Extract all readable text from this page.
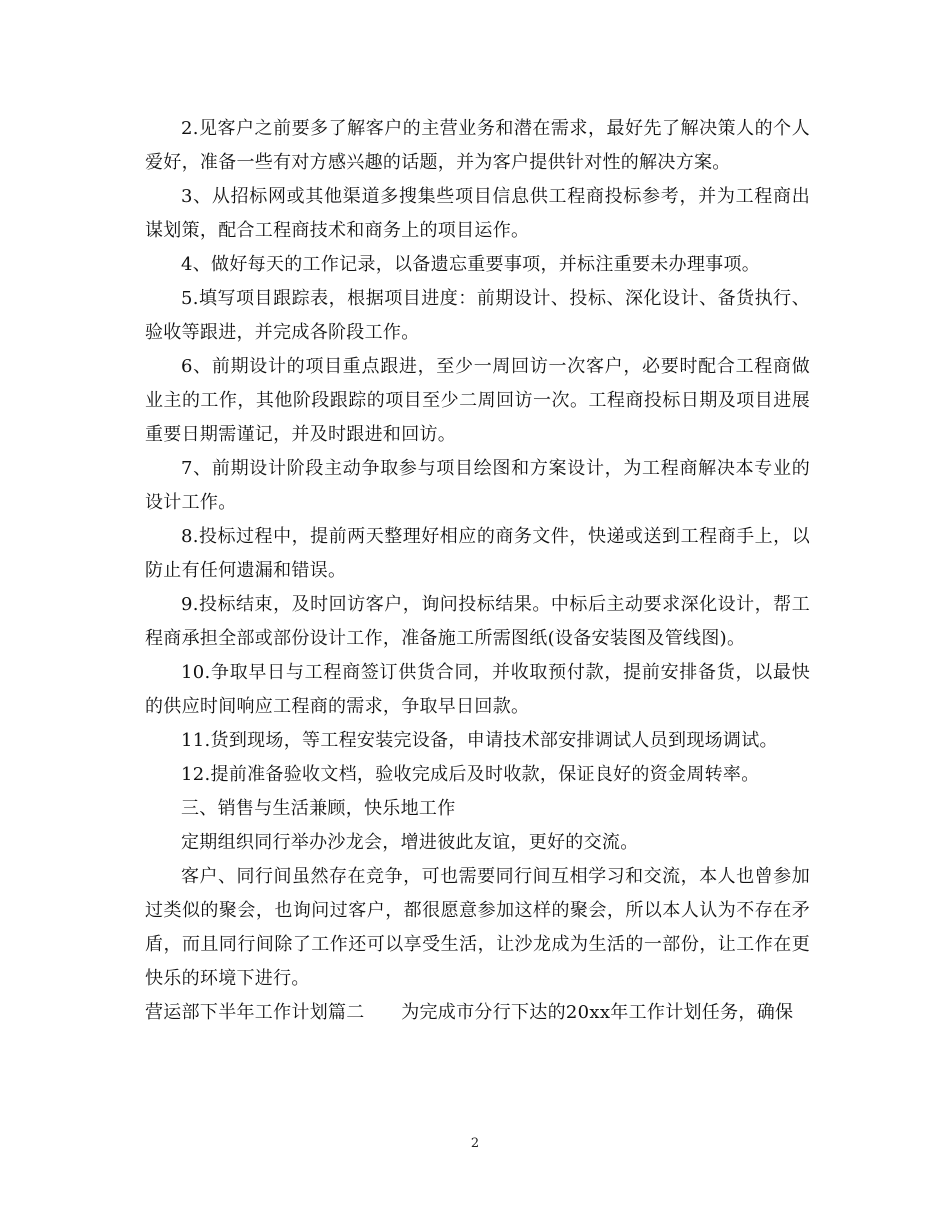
2.见客户之前要多了解客户的主营业务和潜在需求，最好先了解决策人的个人爱好，准备一些有对方感兴趣的话题，并为客户提供针对性的解决方案。

3、从招标网或其他渠道多搜集些项目信息供工程商投标参考，并为工程商出谋划策，配合工程商技术和商务上的项目运作。

4、做好每天的工作记录，以备遗忘重要事项，并标注重要未办理事项。

5.填写项目跟踪表，根据项目进度：前期设计、投标、深化设计、备货执行、验收等跟进，并完成各阶段工作。

6、前期设计的项目重点跟进，至少一周回访一次客户，必要时配合工程商做业主的工作，其他阶段跟踪的项目至少二周回访一次。工程商投标日期及项目进展重要日期需谨记，并及时跟进和回访。

7、前期设计阶段主动争取参与项目绘图和方案设计，为工程商解决本专业的设计工作。

8.投标过程中，提前两天整理好相应的商务文件，快递或送到工程商手上，以防止有任何遗漏和错误。

9.投标结束，及时回访客户，询问投标结果。中标后主动要求深化设计，帮工程商承担全部或部份设计工作，准备施工所需图纸(设备安装图及管线图)。

10.争取早日与工程商签订供货合同，并收取预付款，提前安排备货，以最快的供应时间响应工程商的需求，争取早日回款。

11.货到现场，等工程安装完设备，申请技术部安排调试人员到现场调试。

12.提前准备验收文档，验收完成后及时收款，保证良好的资金周转率。

三、销售与生活兼顾，快乐地工作

定期组织同行举办沙龙会，增进彼此友谊，更好的交流。

客户、同行间虽然存在竞争，可也需要同行间互相学习和交流，本人也曾参加过类似的聚会，也询问过客户，都很愿意参加这样的聚会，所以本人认为不存在矛盾，而且同行间除了工作还可以享受生活，让沙龙成为生活的一部份，让工作在更快乐的环境下进行。

营运部下半年工作计划篇二　　为完成市分行下达的20xx年工作计划任务，确保

2
